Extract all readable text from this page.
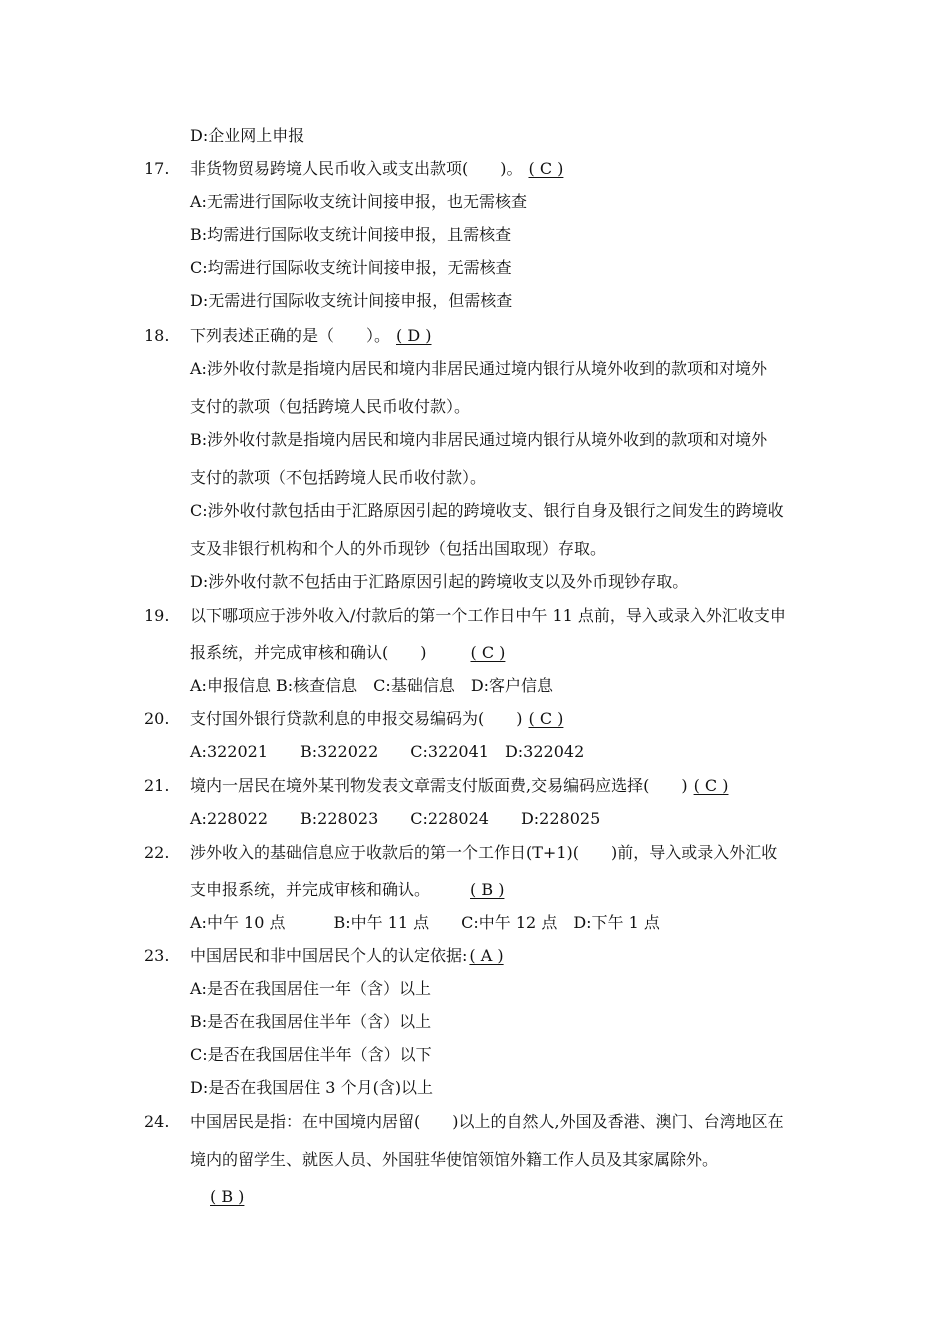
D:企业网上申报
17. 非货物贸易跨境人民币收入或支出款项(　　)。 ( C )
A:无需进行国际收支统计间接申报，也无需核查
B:均需进行国际收支统计间接申报，且需核查
C:均需进行国际收支统计间接申报，无需核查
D:无需进行国际收支统计间接申报，但需核查
18. 下列表述正确的是（　　）。 ( D )
A:涉外收付款是指境内居民和境内非居民通过境内银行从境外收到的款项和对境外
支付的款项（包括跨境人民币收付款）。
B:涉外收付款是指境内居民和境内非居民通过境内银行从境外收到的款项和对境外
支付的款项（不包括跨境人民币收付款）。
C:涉外收付款包括由于汇路原因引起的跨境收支、银行自身及银行之间发生的跨境收
支及非银行机构和个人的外币现钞（包括出国取现）存取。
D:涉外收付款不包括由于汇路原因引起的跨境收支以及外币现钞存取。
19. 以下哪项应于涉外收入/付款后的第一个工作日中午 11 点前，导入或录入外汇收支申
报系统，并完成审核和确认(　　)	( C )
A:申报信息 B:核查信息　C:基础信息　D:客户信息
20. 支付国外银行贷款利息的申报交易编码为(　　) ( C )
A:322021　　B:322022　　C:322041　D:322042
21. 境内一居民在境外某刊物发表文章需支付版面费,交易编码应选择(　　) ( C )
A:228022　　B:228023　　C:228024　　D:228025
22. 涉外收入的基础信息应于收款后的第一个工作日(T+1)(　　)前，导入或录入外汇收
支申报系统，并完成审核和确认。	( B )
A:中午 10 点　　　B:中午 11 点　　C:中午 12 点　D:下午 1 点
23. 中国居民和非中国居民个人的认定依据: ( A )
A:是否在我国居住一年（含）以上
B:是否在我国居住半年（含）以上
C:是否在我国居住半年（含）以下
D:是否在我国居住 3 个月(含)以上
24. 中国居民是指：在中国境内居留(　　)以上的自然人,外国及香港、澳门、台湾地区在
境内的留学生、就医人员、外国驻华使馆领馆外籍工作人员及其家属除外。
( B )
